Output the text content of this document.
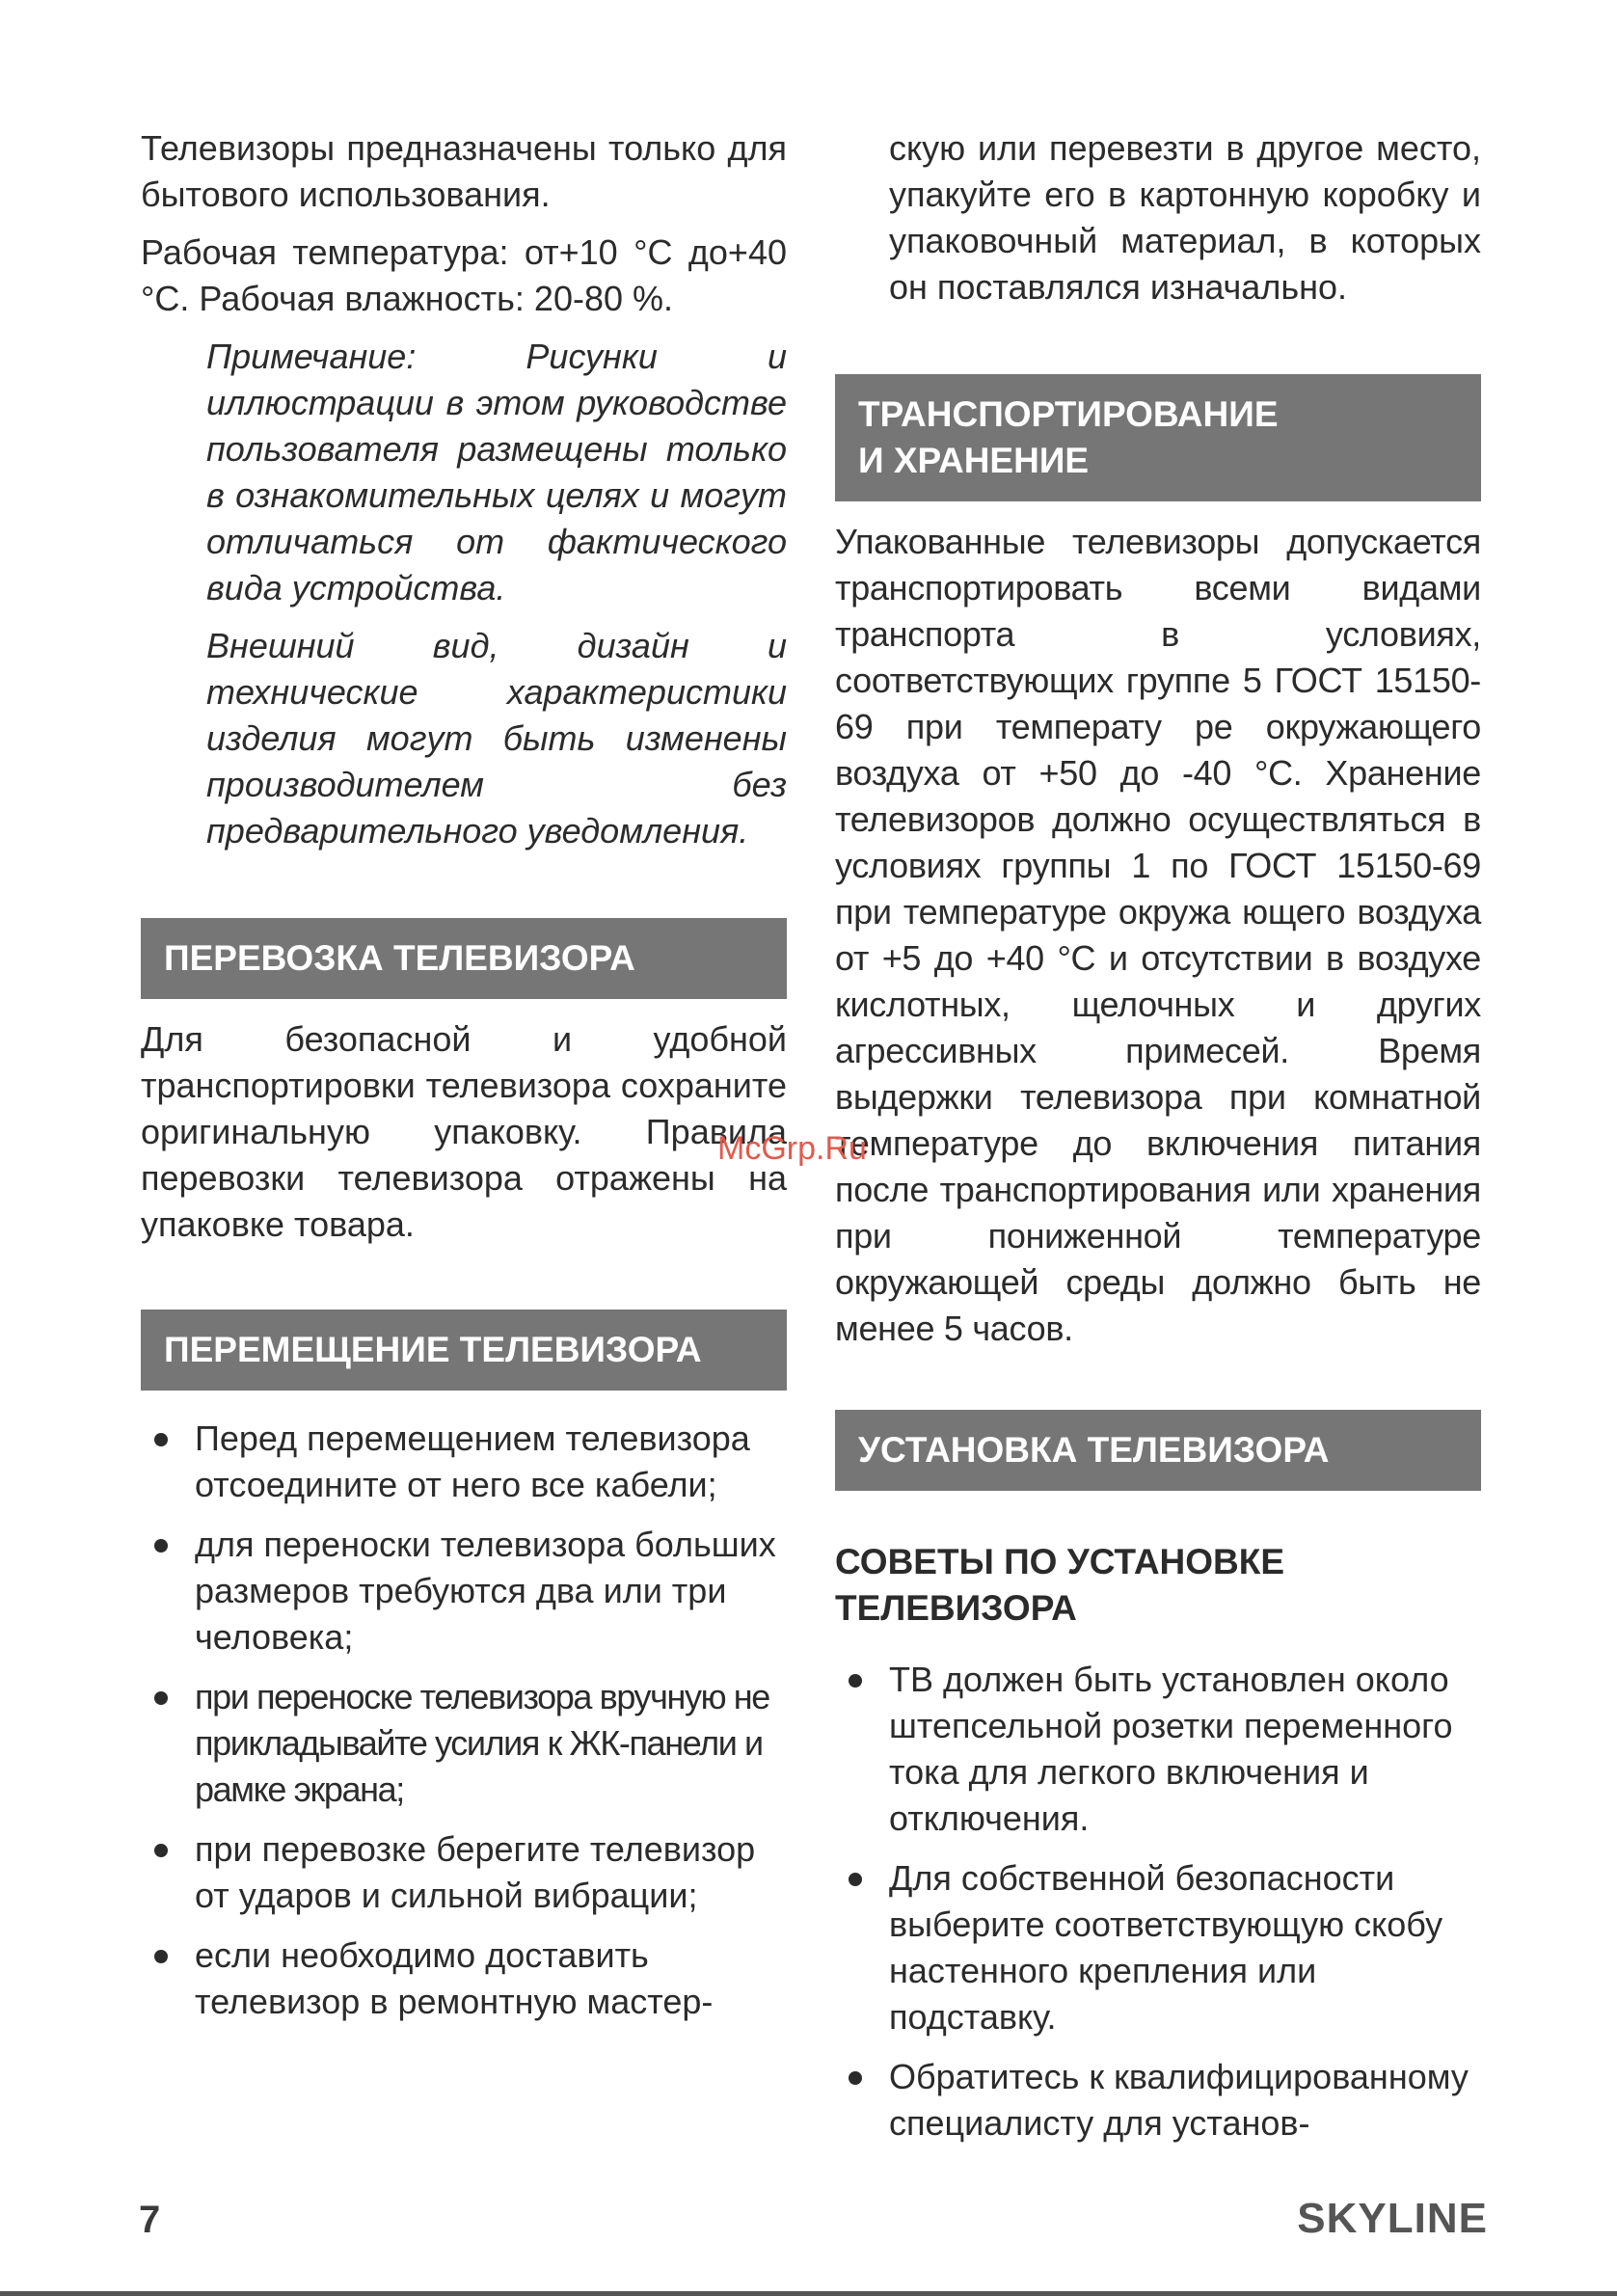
Телевизоры предназначены только для бытового использования.

Рабочая температура: от+10 °C до+40 °C. Рабочая влажность: 20-80 %.

Примечание: Рисунки и иллюстрации в этом руководстве пользователя размещены только в ознакомительных целях и могут отличаться от фактического вида устройства.

Внешний вид, дизайн и технические характеристики изделия могут быть изменены производителем без предварительного уведомления.

ПЕРЕВОЗКА ТЕЛЕВИЗОРА

Для безопасной и удобной транспортировки телевизора сохраните оригинальную упаковку. Правила перевозки телевизора отражены на упаковке товара.

ПЕРЕМЕЩЕНИЕ ТЕЛЕВИЗОРА
Перед перемещением телевизора отсоедините от него все кабели;
для переноски телевизора больших размеров требуются два или три человека;
при переноске телевизора вручную не прикладывайте усилия к ЖК-панели и рамке экрана;
при перевозке берегите телевизор от ударов и сильной вибрации;
если необходимо доставить телевизор в ремонтную мастер-

скую или перевезти в другое место, упакуйте его в картонную коробку и упаковочный материал, в которых он поставлялся изначально.

ТРАНСПОРТИРОВАНИЕ
И ХРАНЕНИЕ

Упакованные телевизоры допускается транспортировать всеми видами транспорта в условиях, соответствующих группе 5 ГОСТ 15150-69 при температу ре окружающего воздуха от +50 до -40 °C. Хранение телевизоров должно осуществляться в условиях группы 1 по ГОСТ 15150-69 при температуре окружа ющего воздуха от +5 до +40 °C и отсутствии в воздухе кислотных, щелочных и других агрессивных примесей. Время выдержки телевизора при комнатной температуре до включения питания после транспортирования или хранения при пониженной температуре окружающей среды должно быть не менее 5 часов.

УСТАНОВКА ТЕЛЕВИЗОРА
СОВЕТЫ ПО УСТАНОВКЕ
ТЕЛЕВИЗОРА
ТВ должен быть установлен около штепсельной розетки переменного тока для легкого включения и отключения.
Для собственной безопасности выберите соответствующую скобу настенного крепления или подставку.
Обратитесь к квалифицированному специалисту для установ-
McGrp.Ru
7	SKYLINE
